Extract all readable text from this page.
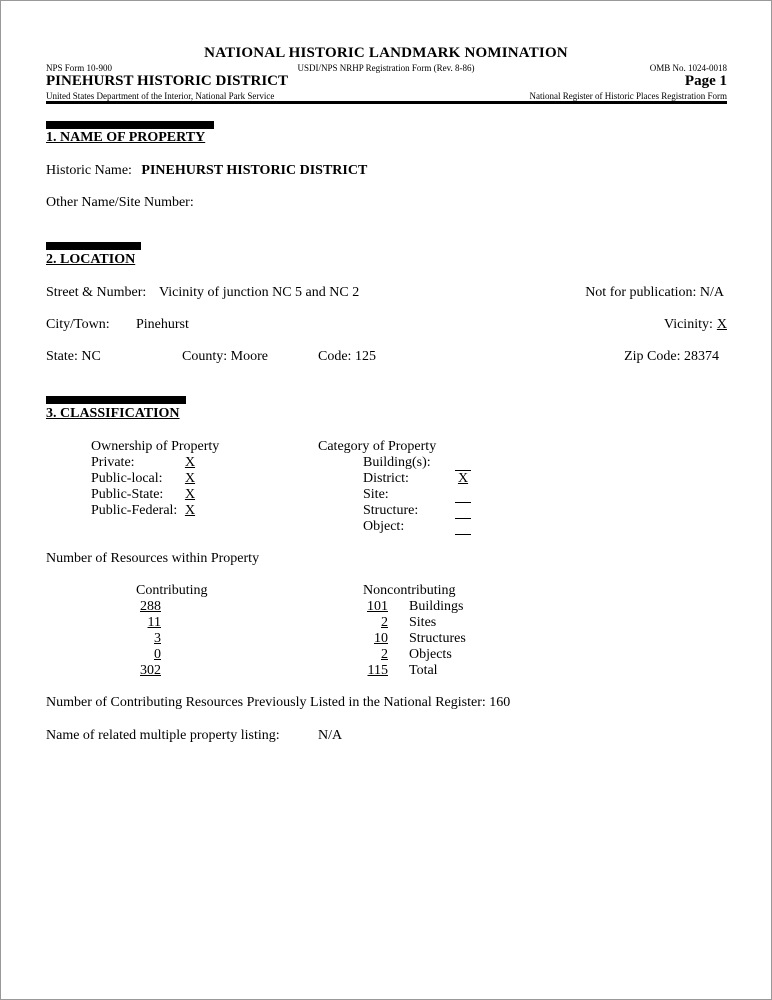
NATIONAL HISTORIC LANDMARK NOMINATION
NPS Form 10-900	USDI/NPS NRHP Registration Form (Rev. 8-86)	OMB No. 1024-0018
PINEHURST HISTORIC DISTRICT	Page 1
United States Department of the Interior, National Park Service	National Register of Historic Places Registration Form
1. NAME OF PROPERTY
Historic Name: PINEHURST HISTORIC DISTRICT
Other Name/Site Number:
2. LOCATION
Street & Number: Vicinity of junction NC 5 and NC 2	Not for publication: N/A
City/Town: Pinehurst	Vicinity: X
State: NC	County: Moore	Code: 125	Zip Code: 28374
3. CLASSIFICATION
Ownership of Property
Private:	X
Public-local: X
Public-State: X
Public-Federal: X
Category of Property
Building(s):
District:	X
Site:
Structure:
Object:
Number of Resources within Property
Contributing	Noncontributing
288	101 Buildings
11	2 Sites
3	10 Structures
0	2 Objects
302	115 Total
Number of Contributing Resources Previously Listed in the National Register: 160
Name of related multiple property listing:	N/A
